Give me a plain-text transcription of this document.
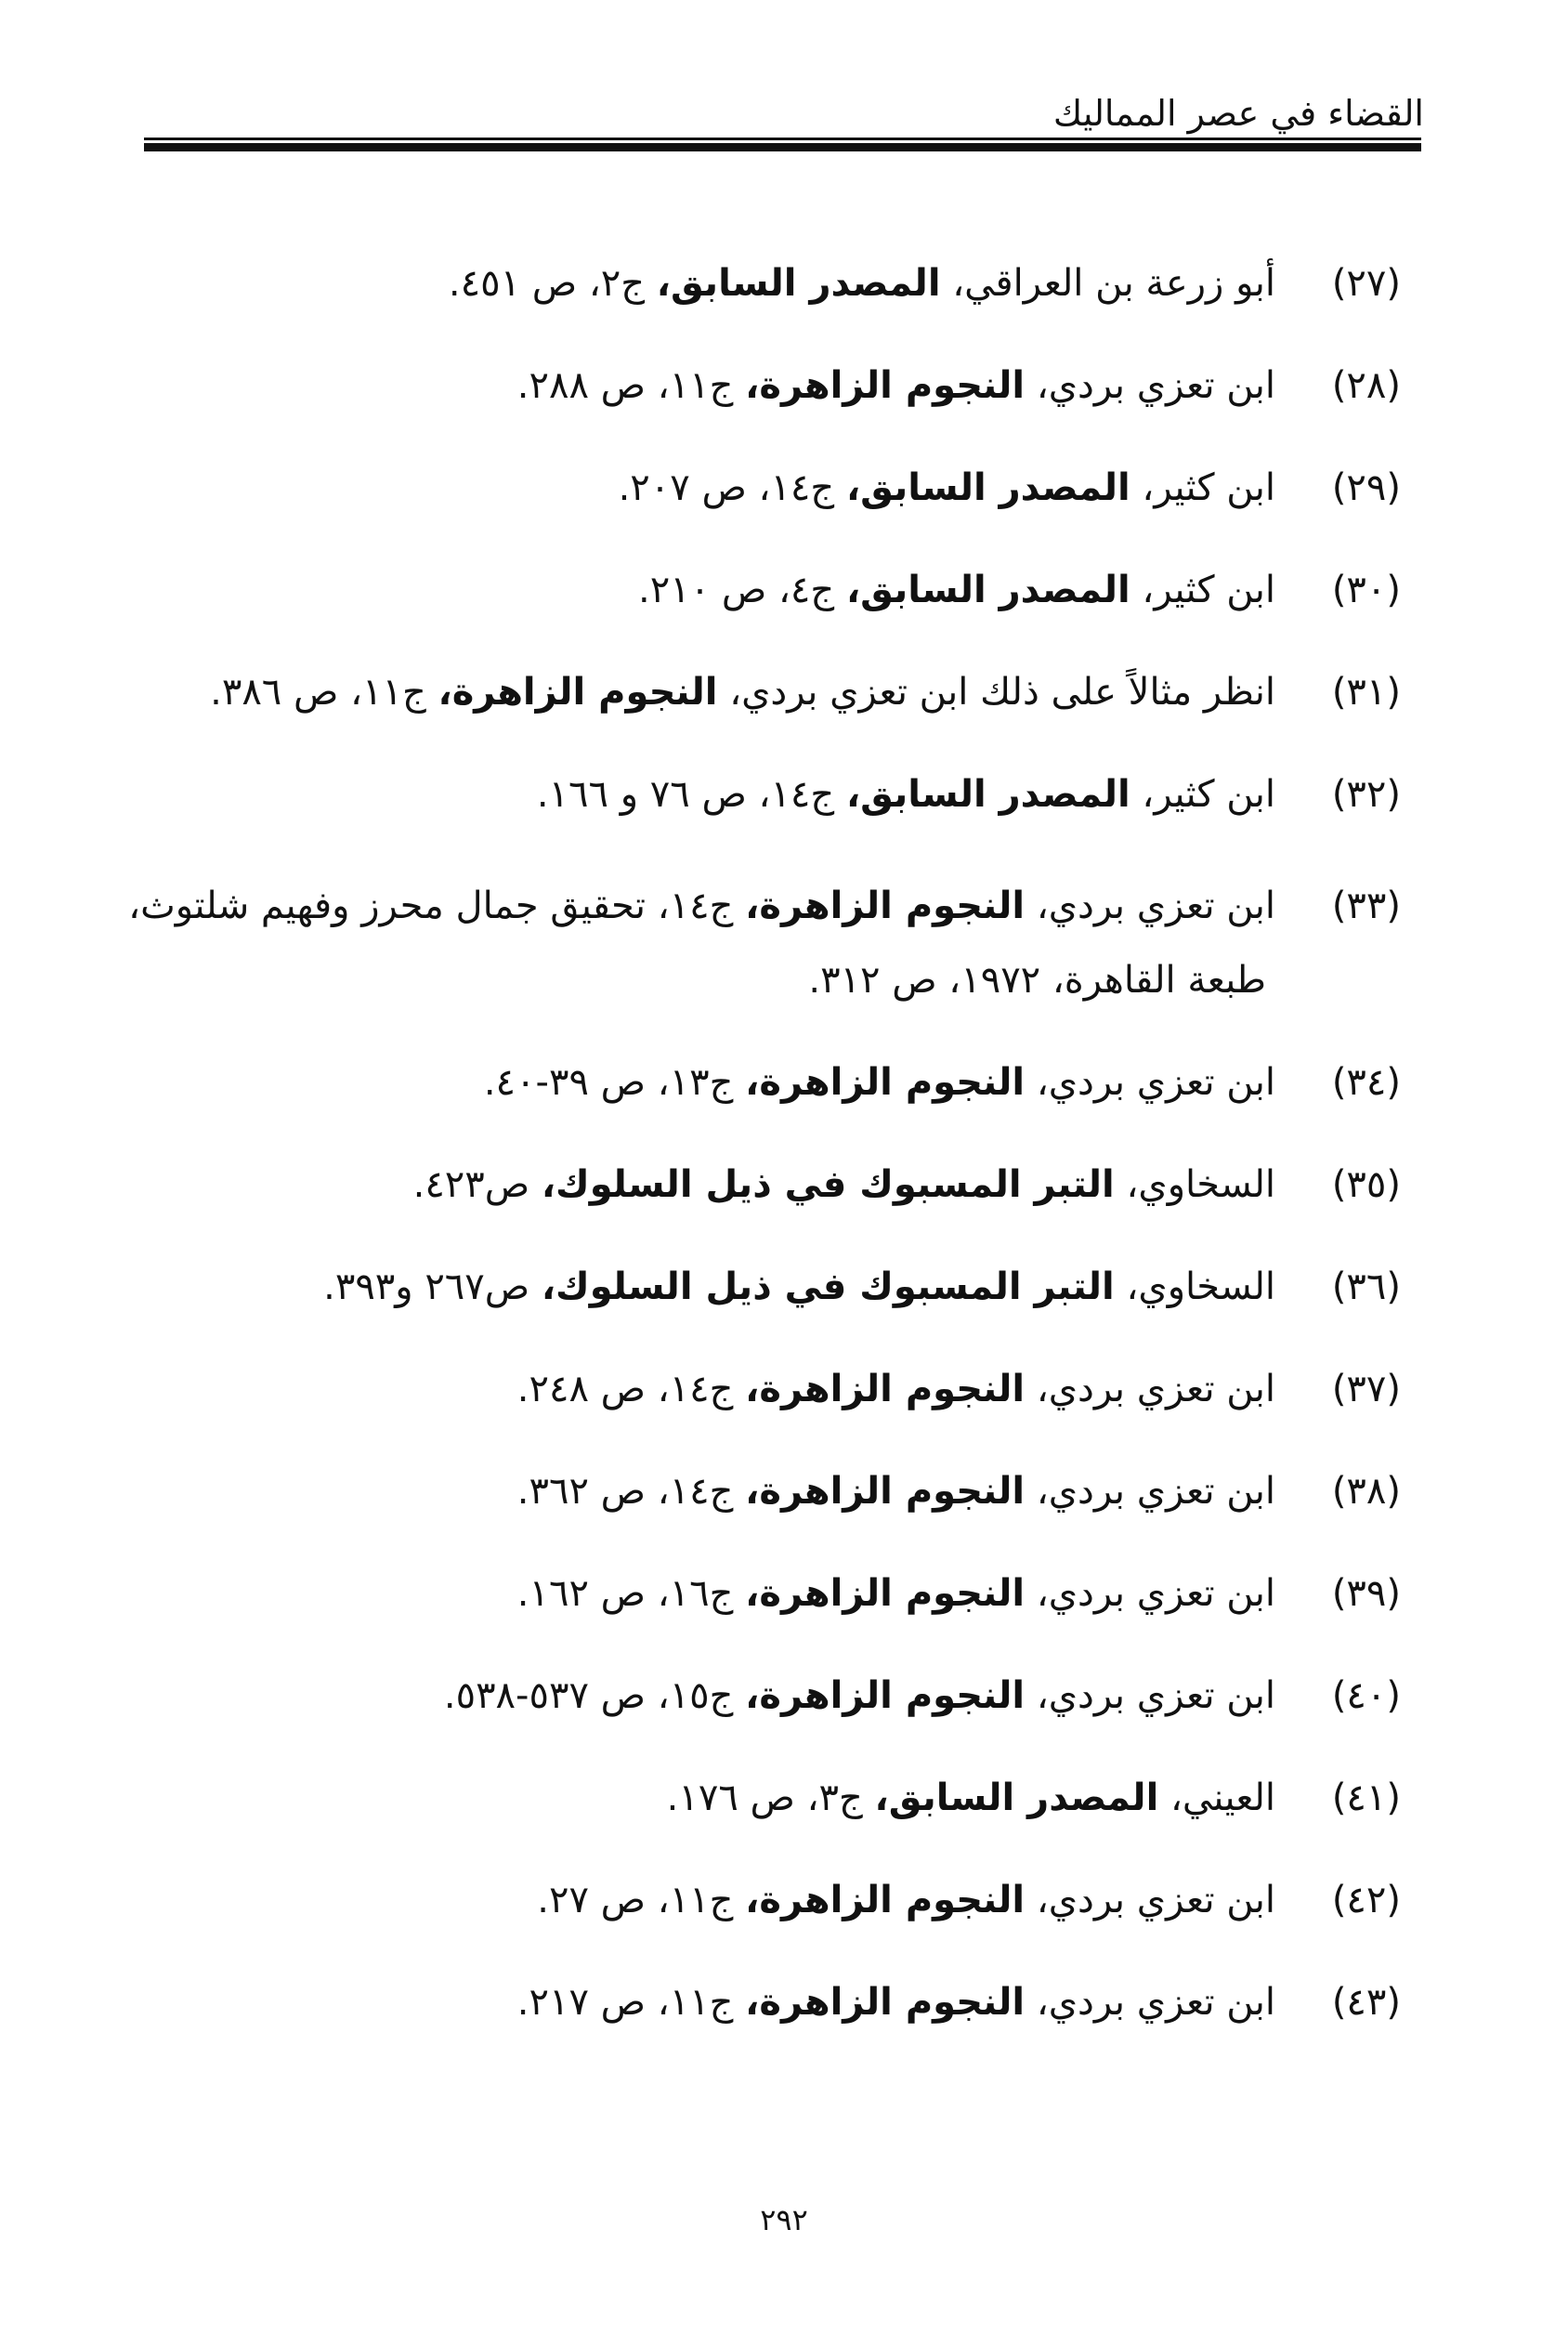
القضاء في عصر المماليك
(٢٧)
أبو زرعة بن العراقي، المصدر السابق، ج٢، ص ٤٥١.
(٢٨)
ابن تعزي بردي، النجوم الزاهرة، ج١١، ص ٢٨٨.
(٢٩)
ابن كثير، المصدر السابق، ج١٤، ص ٢٠٧.
(٣٠)
ابن كثير، المصدر السابق، ج٤، ص ٢١٠.
(٣١)
انظر مثالاً على ذلك ابن تعزي بردي، النجوم الزاهرة، ج١١، ص ٣٨٦.
(٣٢)
ابن كثير، المصدر السابق، ج١٤، ص ٧٦ و ١٦٦.
(٣٣)
ابن تعزي بردي، النجوم الزاهرة، ج١٤، تحقيق جمال محرز وفهيم شلتوث،
طبعة القاهرة، ١٩٧٢، ص ٣١٢.
(٣٤)
ابن تعزي بردي، النجوم الزاهرة، ج١٣، ص ٣٩-٤٠.
(٣٥)
السخاوي، التبر المسبوك في ذيل السلوك، ص٤٢٣.
(٣٦)
السخاوي، التبر المسبوك في ذيل السلوك، ص٢٦٧ و٣٩٣.
(٣٧)
ابن تعزي بردي، النجوم الزاهرة، ج١٤، ص ٢٤٨.
(٣٨)
ابن تعزي بردي، النجوم الزاهرة، ج١٤، ص ٣٦٢.
(٣٩)
ابن تعزي بردي، النجوم الزاهرة، ج١٦، ص ١٦٢.
(٤٠)
ابن تعزي بردي، النجوم الزاهرة، ج١٥، ص ٥٣٧-٥٣٨.
(٤١)
العيني، المصدر السابق، ج٣، ص ١٧٦.
(٤٢)
ابن تعزي بردي، النجوم الزاهرة، ج١١، ص ٢٧.
(٤٣)
ابن تعزي بردي، النجوم الزاهرة، ج١١، ص ٢١٧.
٢٩٢
